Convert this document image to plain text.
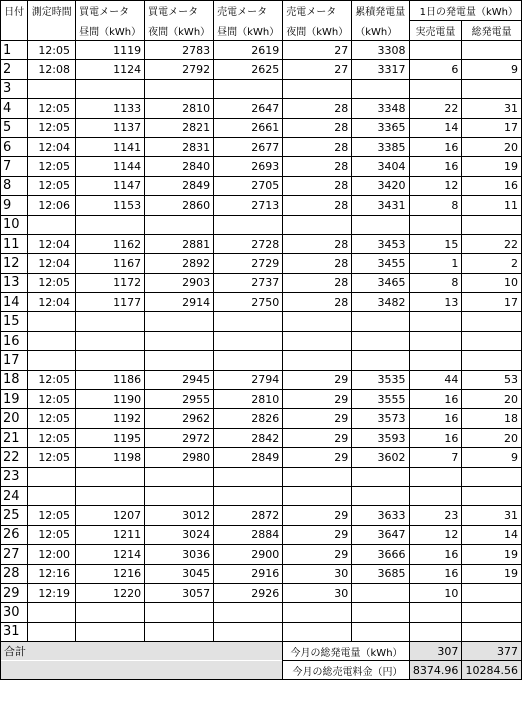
日付	測定時間	買電メータ	買電メータ	売電メータ	売電メータ	累積発電量	1日の発電量（kWh）	
		昼間（kWh）	夜間（kWh）	昼間（kWh）	夜間（kWh）	（kWh）	実売電量	総発電量
1	12:05	1119	2783	2619	27	3308		
2	12:08	1124	2792	2625	27	3317	6	9
3								
4	12:05	1133	2810	2647	28	3348	22	31
5	12:05	1137	2821	2661	28	3365	14	17
6	12:04	1141	2831	2677	28	3385	16	20
7	12:05	1144	2840	2693	28	3404	16	19
8	12:05	1147	2849	2705	28	3420	12	16
9	12:06	1153	2860	2713	28	3431	8	11
10								
11	12:04	1162	2881	2728	28	3453	15	22
12	12:04	1167	2892	2729	28	3455	1	2
13	12:05	1172	2903	2737	28	3465	8	10
14	12:04	1177	2914	2750	28	3482	13	17
15								
16								
17								
18	12:05	1186	2945	2794	29	3535	44	53
19	12:05	1190	2955	2810	29	3555	16	20
20	12:05	1192	2962	2826	29	3573	16	18
21	12:05	1195	2972	2842	29	3593	16	20
22	12:05	1198	2980	2849	29	3602	7	9
23								
24								
25	12:05	1207	3012	2872	29	3633	23	31
26	12:05	1211	3024	2884	29	3647	12	14
27	12:00	1214	3036	2900	29	3666	16	19
28	12:16	1216	3045	2916	30	3685	16	19
29	12:19	1220	3057	2926	30		10	
30								
31								
合計					今月の総発電量（kWh）		307	377
					今月の総売電料金（円）		8374.96	10284.56
